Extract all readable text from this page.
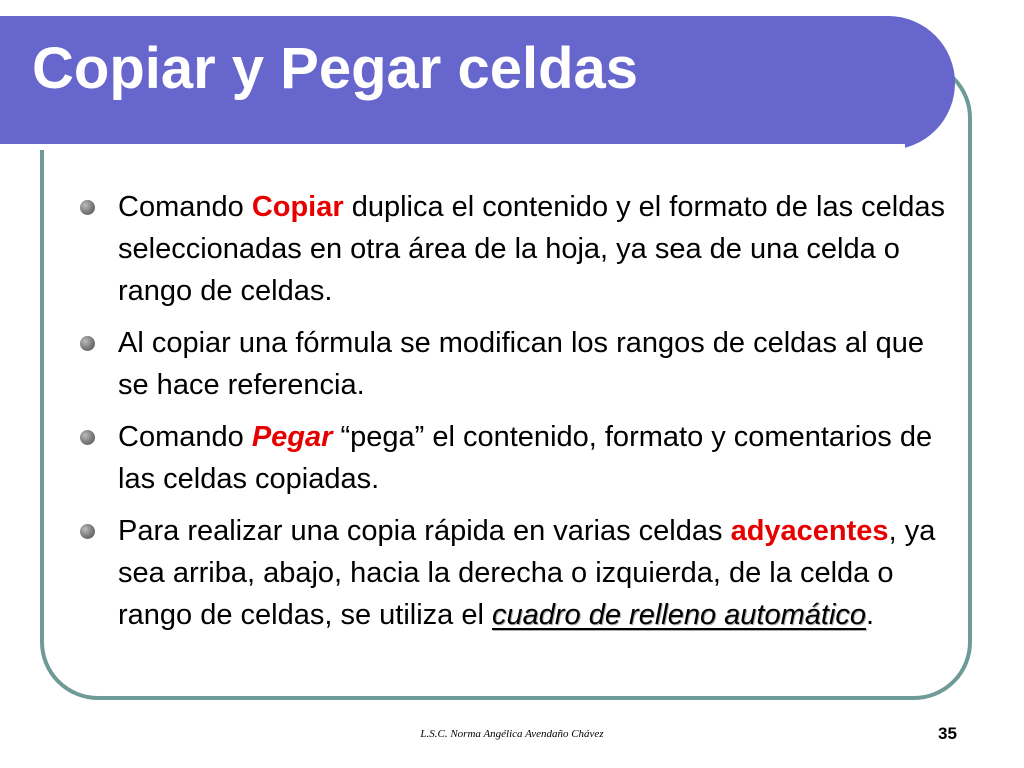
Copiar y Pegar celdas
Comando Copiar duplica el contenido y el formato de las celdas seleccionadas en otra área de la hoja, ya sea de una celda o rango de celdas.
Al copiar una fórmula se modifican los rangos de celdas al que se hace referencia.
Comando Pegar “pega” el contenido, formato y comentarios de las celdas copiadas.
Para realizar una copia rápida en varias celdas adyacentes, ya sea arriba, abajo, hacia la derecha o izquierda, de la celda o rango de celdas, se utiliza el cuadro de relleno automático.
L.S.C. Norma Angélica Avendaño Chávez	35
